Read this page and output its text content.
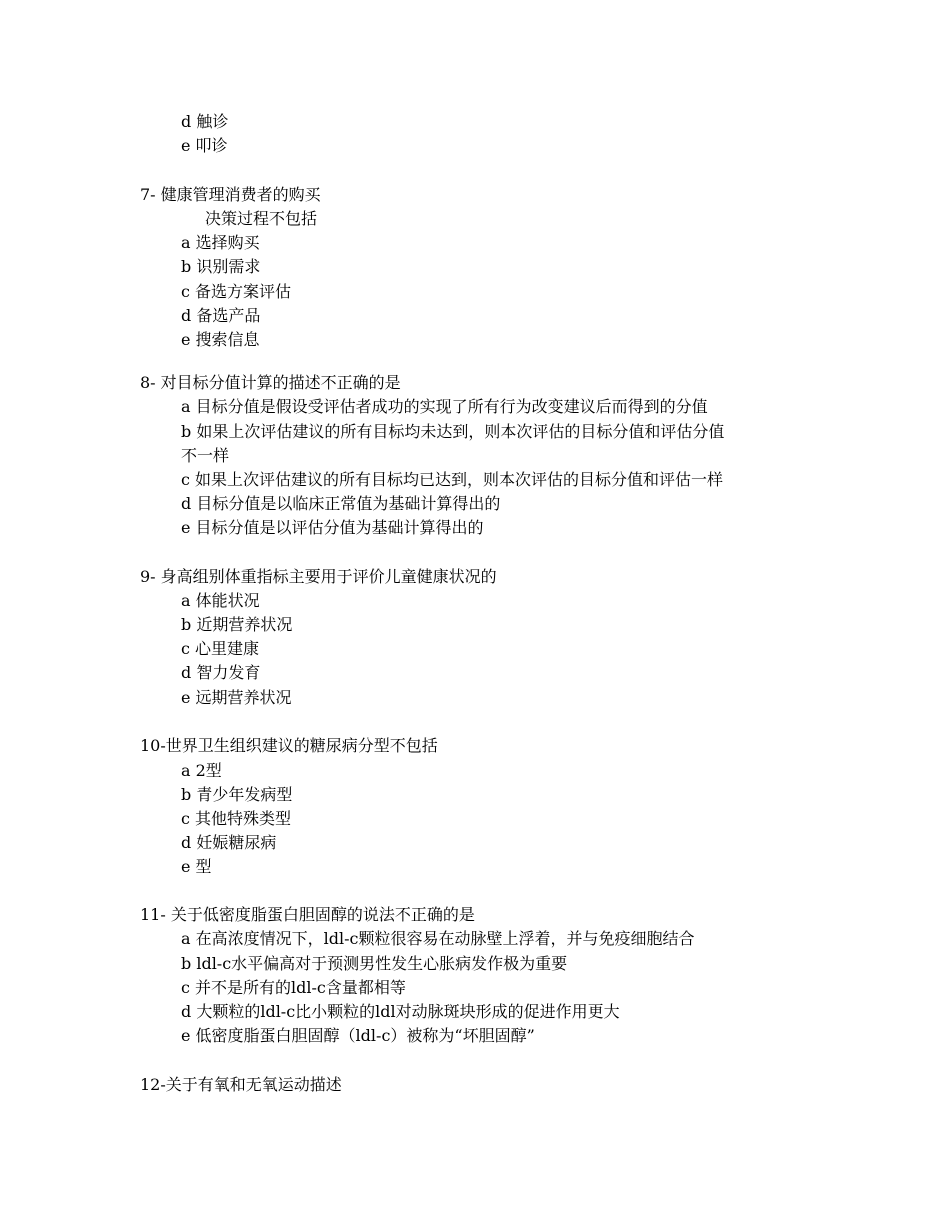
d 触诊
e 叩诊
7- 健康管理消费者的购买
决策过程不包括
a 选择购买
b 识别需求
c 备选方案评估
d 备选产品
e 搜索信息
8- 对目标分值计算的描述不正确的是
a 目标分值是假设受评估者成功的实现了所有行为改变建议后而得到的分值
b 如果上次评估建议的所有目标均未达到，则本次评估的目标分值和评估分值
不一样
c 如果上次评估建议的所有目标均已达到，则本次评估的目标分值和评估一样
d 目标分值是以临床正常值为基础计算得出的
e 目标分值是以评估分值为基础计算得出的
9- 身高组别体重指标主要用于评价儿童健康状况的
a 体能状况
b 近期营养状况
c 心里建康
d 智力发育
e 远期营养状况
10-世界卫生组织建议的糖尿病分型不包括
a 2型
b 青少年发病型
c 其他特殊类型
d 妊娠糖尿病
e 型
11- 关于低密度脂蛋白胆固醇的说法不正确的是
a 在高浓度情况下，ldl-c颗粒很容易在动脉壁上浮着，并与免疫细胞结合
b ldl-c水平偏高对于预测男性发生心胀病发作极为重要
c 并不是所有的ldl-c含量都相等
d 大颗粒的ldl-c比小颗粒的ldl对动脉斑块形成的促进作用更大
e 低密度脂蛋白胆固醇（ldl-c）被称为“坏胆固醇”
12-关于有氧和无氧运动描述
